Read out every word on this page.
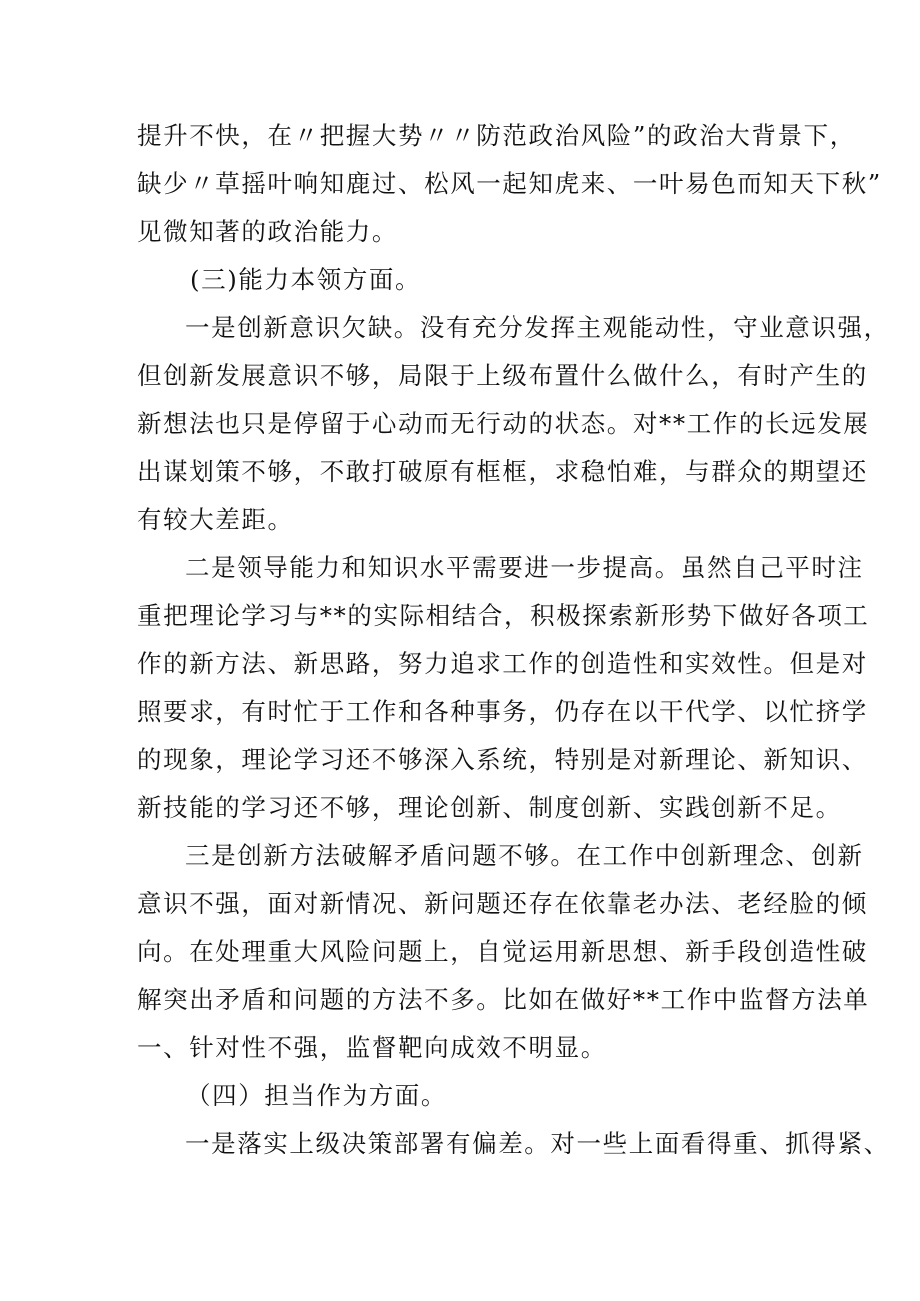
提升不快，在〃把握大势〃〃防范政治风险”的政治大背景下，
缺少〃草摇叶响知鹿过、松风一起知虎来、一叶易色而知天下秋”
见微知著的政治能力。
(三)能力本领方面。
一是创新意识欠缺。没有充分发挥主观能动性，守业意识强，
但创新发展意识不够，局限于上级布置什么做什么，有时产生的
新想法也只是停留于心动而无行动的状态。对**工作的长远发展
出谋划策不够，不敢打破原有框框，求稳怕难，与群众的期望还
有较大差距。
二是领导能力和知识水平需要进一步提高。虽然自己平时注
重把理论学习与**的实际相结合，积极探索新形势下做好各项工
作的新方法、新思路，努力追求工作的创造性和实效性。但是对
照要求，有时忙于工作和各种事务，仍存在以干代学、以忙挤学
的现象，理论学习还不够深入系统，特别是对新理论、新知识、
新技能的学习还不够，理论创新、制度创新、实践创新不足。
三是创新方法破解矛盾问题不够。在工作中创新理念、创新
意识不强，面对新情况、新问题还存在依靠老办法、老经脸的倾
向。在处理重大风险问题上，自觉运用新思想、新手段创造性破
解突出矛盾和问题的方法不多。比如在做好**工作中监督方法单
一、针对性不强，监督靶向成效不明显。
（四）担当作为方面。
一是落实上级决策部署有偏差。对一些上面看得重、抓得紧、
